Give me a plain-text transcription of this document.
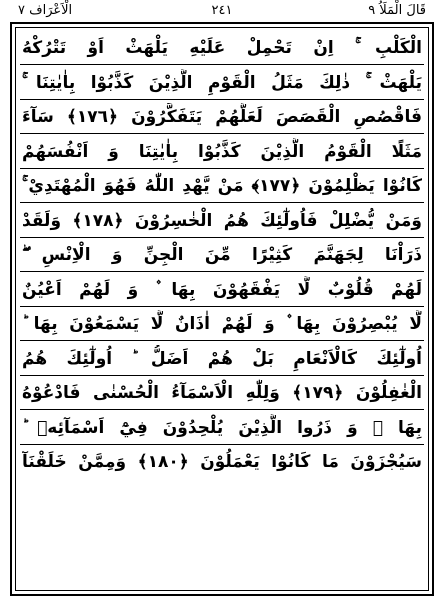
قَالَ الْمَلَاُ ٩
٢٤١
الْاَعْرَاف ٧
الْكَلْبِ ۚ اِنْ تَحْمِلْ عَلَيْهِ يَلْهَثْ اَوْ تَتْرُكْهُ
يَلْهَثْ ۚ ذٰلِكَ مَثَلُ الْقَوْمِ الَّذِيْنَ كَذَّبُوْا بِاٰيٰتِنَا ۚ
فَاقْصُصِ الْقَصَصَ لَعَلَّهُمْ يَتَفَكَّرُوْنَ ﴿١٧٦﴾ سَآءَ
مَثَلًا الْقَوْمُ الَّذِيْنَ كَذَّبُوْا بِاٰيٰتِنَا وَ اَنْفُسَهُمْ
كَانُوْا يَظْلِمُوْنَ ﴿١٧٧﴾ مَنْ يَّهْدِ اللّٰهُ فَهُوَ الْمُهْتَدِيْ ۚ
وَمَنْ يُّضْلِلْ فَاُولٰٓئِكَ هُمُ الْخٰسِرُوْنَ ﴿١٧٨﴾ وَلَقَدْ
ذَرَاْنَا لِجَهَنَّمَ كَثِيْرًا مِّنَ الْجِنِّ وَ الْاِنْسِ ۖ
لَهُمْ قُلُوْبٌ لَّا يَفْقَهُوْنَ بِهَا ۫ وَ لَهُمْ اَعْيُنٌ
لَّا يُبْصِرُوْنَ بِهَا ۫ وَ لَهُمْ اٰذَانٌ لَّا يَسْمَعُوْنَ بِهَا ؕ
اُولٰٓئِكَ كَالْاَنْعَامِ بَلْ هُمْ اَضَلُّ ؕ اُولٰٓئِكَ هُمُ
الْغٰفِلُوْنَ ﴿١٧٩﴾ وَلِلّٰهِ الْاَسْمَآءُ الْحُسْنٰى فَادْعُوْهُ
بِهَا ۪ وَ ذَرُوا الَّذِيْنَ يُلْحِدُوْنَ فِيْٓ اَسْمَآئِهٖ ؕ
سَيُجْزَوْنَ مَا كَانُوْا يَعْمَلُوْنَ ﴿١٨٠﴾ وَمِمَّنْ خَلَقْنَآ
